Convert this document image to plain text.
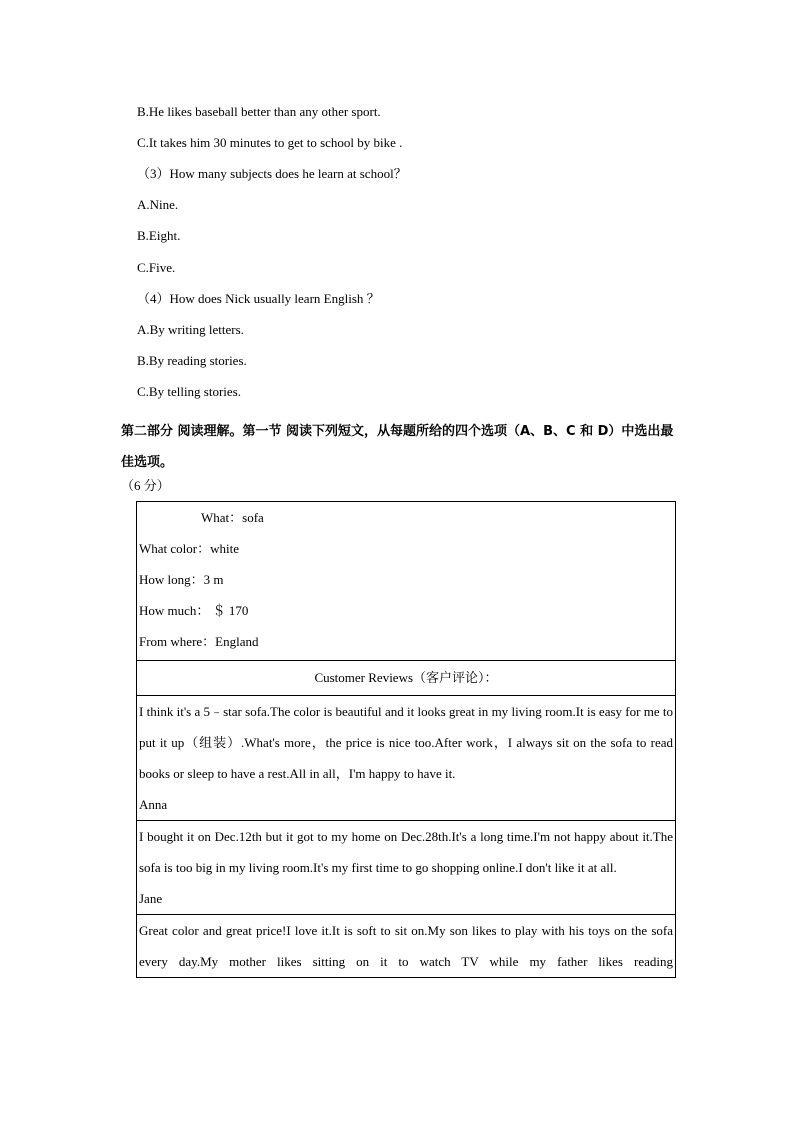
B.He likes baseball better than any other sport.
C.It takes him 30 minutes to get to school by bike .
（3）How many subjects does he learn at school？
A.Nine.
B.Eight.
C.Five.
（4）How does Nick usually learn English ？
A.By writing letters.
B.By reading stories.
C.By telling stories.
第二部分 阅读理解。第一节 阅读下列短文，从每题所给的四个选项（A、B、C 和 D）中选出最佳选项。
（6 分）

What：sofa

What color：white

How long：3 m

How much： ＄ 170

From where：England

Customer Reviews（客户评论）：

I think it's a 5﹣star sofa.The color is beautiful and it looks great in my living room.It is easy for me to put it up（组装）.What's more，the price is nice too.After work，I always sit on the sofa to read books or sleep to have a rest.All in all，I'm happy to have it.

Anna

I bought it on Dec.12th but it got to my home on Dec.28th.It's a long time.I'm not happy about it.The sofa is too big in my living room.It's my first time to go shopping online.I don't like it at all.

Jane

Great color and great price!I love it.It is soft to sit on.My son likes to play with his toys on the sofa every day.My mother likes sitting on it to watch TV while my father likes reading
